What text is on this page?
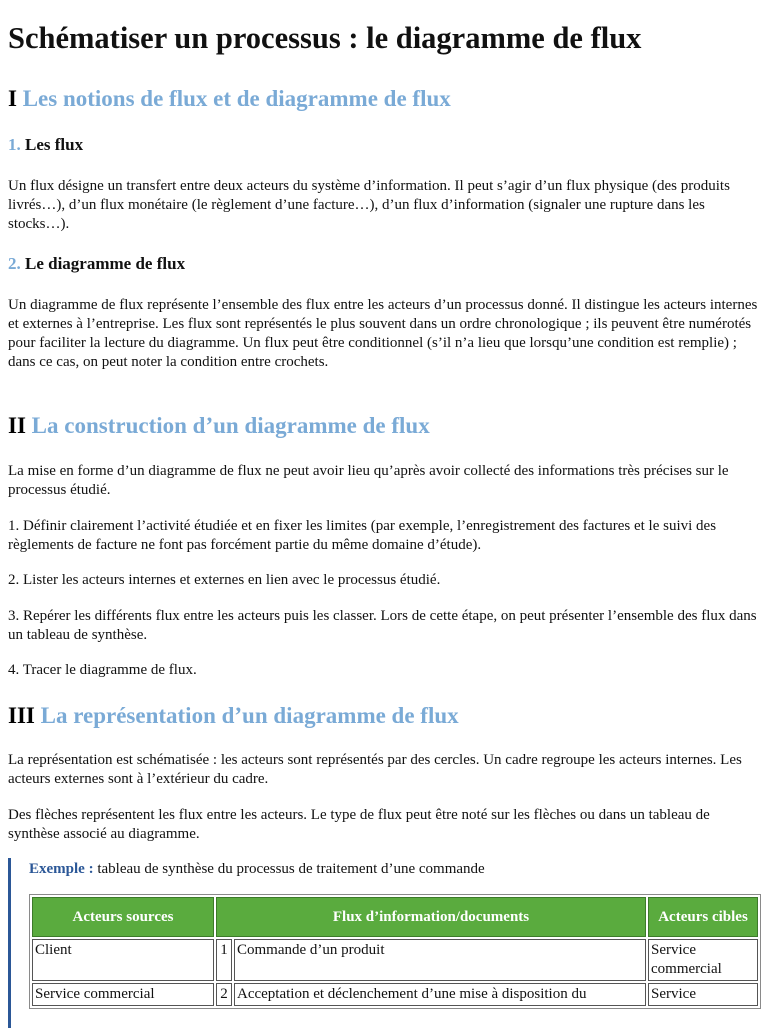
Schématiser un processus : le diagramme de flux
I Les notions de flux et de diagramme de flux
1. Les flux

Un flux désigne un transfert entre deux acteurs du système d’information. Il peut s’agir d’un flux physique (des produits livrés…), d’un flux monétaire (le règlement d’une facture…), d’un flux d’information (signaler une rupture dans les stocks…).

2. Le diagramme de flux

Un diagramme de flux représente l’ensemble des flux entre les acteurs d’un processus donné. Il distingue les acteurs internes et externes à l’entreprise. Les flux sont représentés le plus souvent dans un ordre chronologique ; ils peuvent être numérotés pour faciliter la lecture du diagramme. Un flux peut être conditionnel (s’il n’a lieu que lorsqu’une condition est remplie) ; dans ce cas, on peut noter la condition entre crochets.

II La construction d’un diagramme de flux

La mise en forme d’un diagramme de flux ne peut avoir lieu qu’après avoir collecté des informations très précises sur le processus étudié.

1. Définir clairement l’activité étudiée et en fixer les limites (par exemple, l’enregistrement des factures et le suivi des règlements de facture ne font pas forcément partie du même domaine d’étude).

2. Lister les acteurs internes et externes en lien avec le processus étudié.

3. Repérer les différents flux entre les acteurs puis les classer. Lors de cette étape, on peut présenter l’ensemble des flux dans un tableau de synthèse.

4. Tracer le diagramme de flux.

III La représentation d’un diagramme de flux

La représentation est schématisée : les acteurs sont représentés par des cercles. Un cadre regroupe les acteurs internes. Les acteurs externes sont à l’extérieur du cadre.

Des flèches représentent les flux entre les acteurs. Le type de flux peut être noté sur les flèches ou dans un tableau de synthèse associé au diagramme.

Exemple : tableau de synthèse du processus de traitement d’une commande
Acteurs sources	Flux d’information/documents		Acteurs cibles
Client	1	Commande d’un produit	Service commercial
Service commercial	2	Acceptation et déclenchement d’une mise à disposition du	Service
